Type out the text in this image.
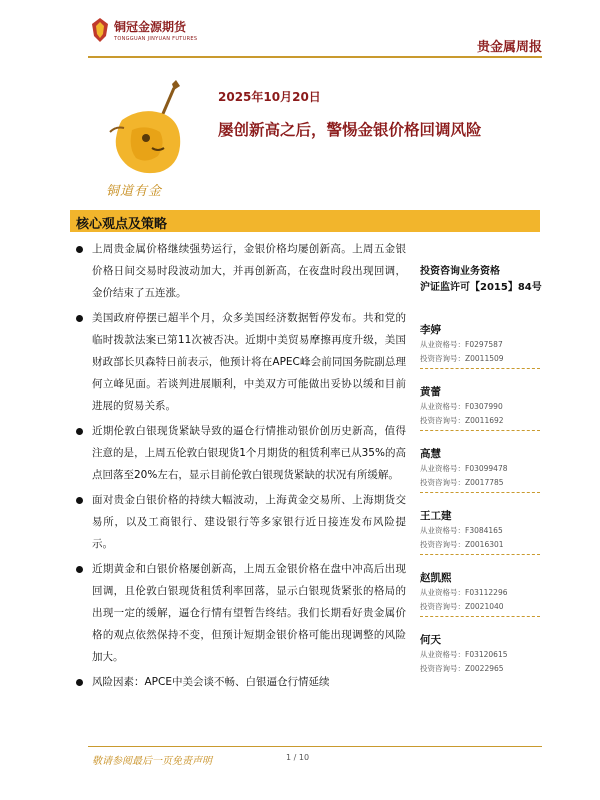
铜冠金源期货
TONGGUAN JINYUAN FUTURES
贵金属周报
铜道有金
2025年10月20日
屡创新高之后，警惕金银价格回调风险
核心观点及策略
上周贵金属价格继续强势运行，金银价格均屡创新高。上周五金银价格日间交易时段波动加大，并再创新高，在夜盘时段出现回调，金价结束了五连涨。
美国政府停摆已超半个月，众多美国经济数据暂停发布。共和党的临时拨款法案已第11次被否决。近期中美贸易摩擦再度升级，美国财政部长贝森特日前表示，他预计将在APEC峰会前同国务院副总理何立峰见面。若谈判进展顺利，中美双方可能做出妥协以缓和目前进展的贸易关系。
近期伦敦白银现货紧缺导致的逼仓行情推动银价创历史新高，值得注意的是，上周五伦敦白银现货1个月期货的租赁利率已从35%的高点回落至20%左右，显示目前伦敦白银现货紧缺的状况有所缓解。
面对贵金白银价格的持续大幅波动，上海黄金交易所、上海期货交易所，以及工商银行、建设银行等多家银行近日接连发布风险提示。
近期黄金和白银价格屡创新高，上周五金银价格在盘中冲高后出现回调，且伦敦白银现货租赁利率回落，显示白银现货紧张的格局的出现一定的缓解，逼仓行情有望暂告终结。我们长期看好贵金属价格的观点依然保持不变，但预计短期金银价格可能出现调整的风险加大。
风险因素：APCE中美会谈不畅、白银逼仓行情延续
投资咨询业务资格
沪证监许可【2015】84号
李婷
从业资格号：F0297587
投资咨询号：Z0011509
黄蕾
从业资格号：F0307990
投资咨询号：Z0011692
高慧
从业资格号：F03099478
投资咨询号：Z0017785
王工建
从业资格号：F3084165
投资咨询号：Z0016301
赵凯熙
从业资格号：F03112296
投资咨询号：Z0021040
何天
从业资格号：F03120615
投资咨询号：Z0022965
敬请参阅最后一页免责声明	1 / 10
